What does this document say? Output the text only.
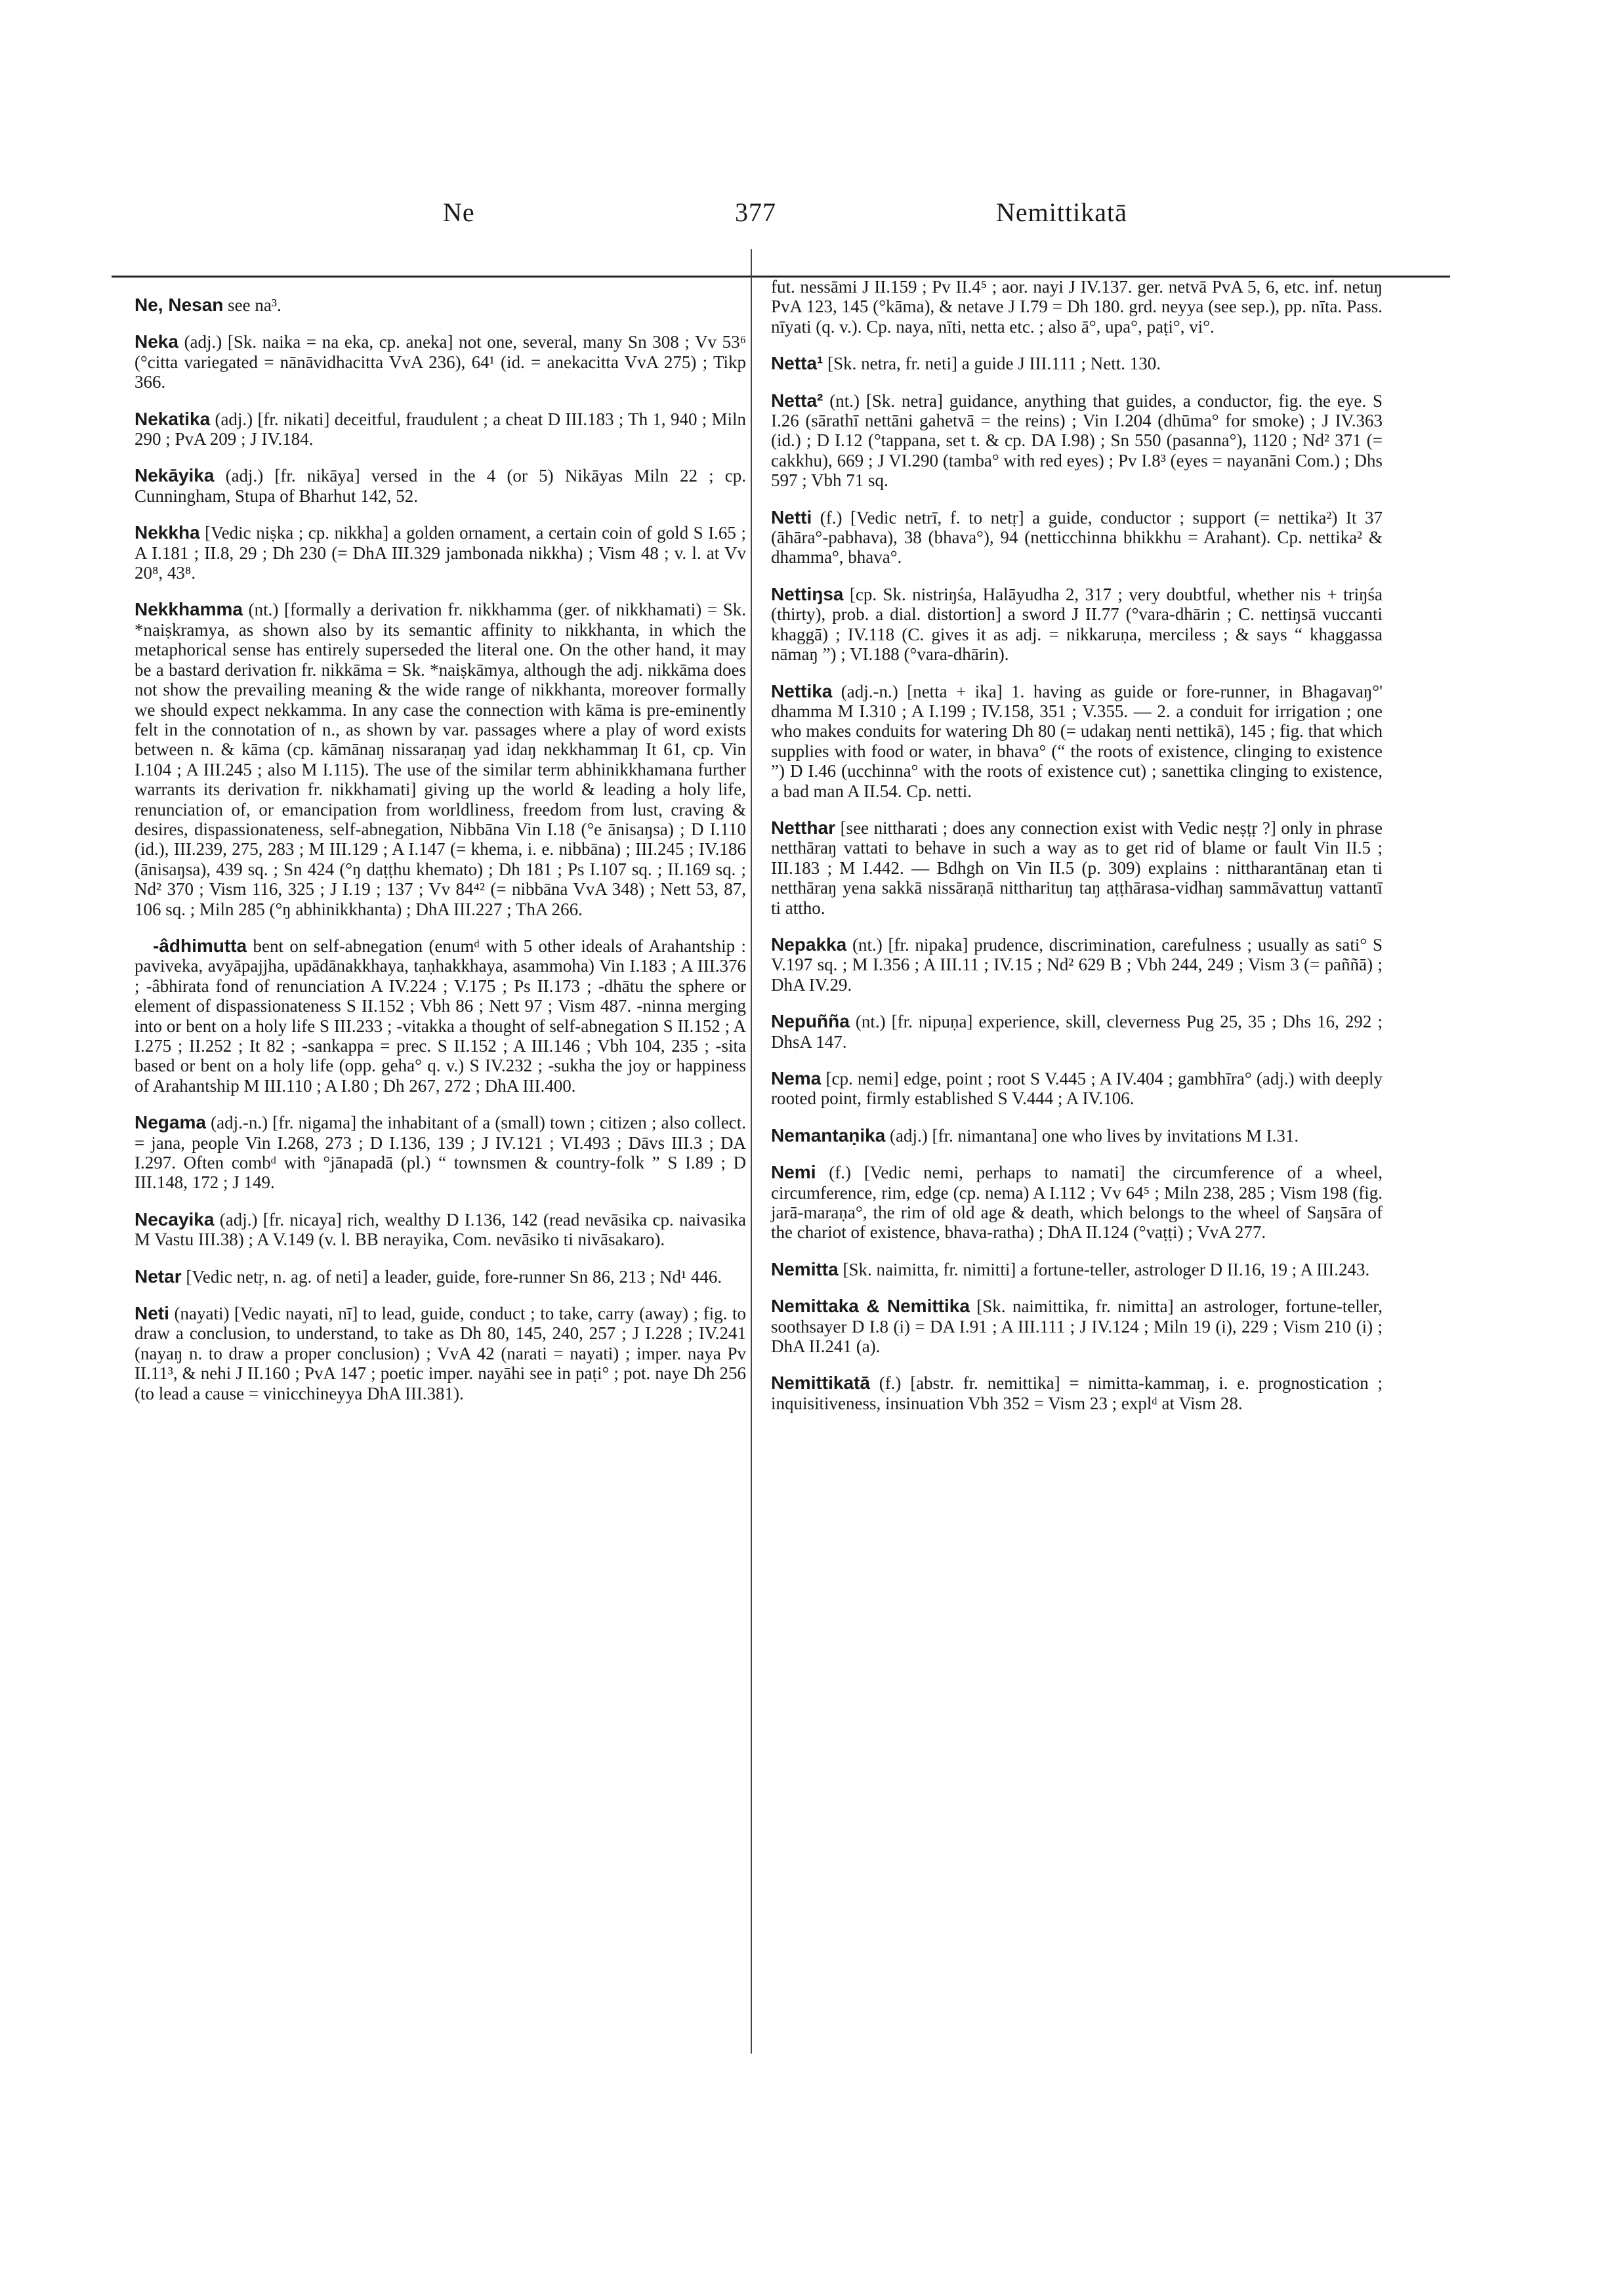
Ne	377	Nemittikatā

Ne, Nesan see na³.

Neka (adj.) [Sk. naika = na eka, cp. aneka] not one, several, many Sn 308 ; Vv 53⁶ (°citta variegated = nānāvidhacitta VvA 236), 64¹ (id. = anekacitta VvA 275) ; Tikp 366.

Nekatika (adj.) [fr. nikati] deceitful, fraudulent ; a cheat D III.183 ; Th 1, 940 ; Miln 290 ; PvA 209 ; J IV.184.

Nekāyika (adj.) [fr. nikāya] versed in the 4 (or 5) Nikāyas Miln 22 ; cp. Cunningham, Stupa of Bharhut 142, 52.

Nekkha [Vedic niṣka ; cp. nikkha] a golden ornament, a certain coin of gold S I.65 ; A I.181 ; II.8, 29 ; Dh 230 (= DhA III.329 jambonada nikkha) ; Vism 48 ; v. l. at Vv 20⁸, 43⁸.

Nekkhamma (nt.) [formally a derivation fr. nikkhamma (ger. of nikkhamati) = Sk. *naiṣkramya, as shown also by its semantic affinity to nikkhanta, in which the metaphorical sense has entirely superseded the literal one. On the other hand, it may be a bastard derivation fr. nikkāma = Sk. *naiṣkāmya, although the adj. nikkāma does not show the prevailing meaning & the wide range of nikkhanta, moreover formally we should expect nekkamma. In any case the connection with kāma is pre-eminently felt in the connotation of n., as shown by var. passages where a play of word exists between n. & kāma (cp. kāmānaŋ nissaraṇaŋ yad idaŋ nekkhammaŋ It 61, cp. Vin I.104 ; A III.245 ; also M I.115). The use of the similar term abhinikkhamana further warrants its derivation fr. nikkhamati] giving up the world & leading a holy life, renunciation of, or emancipation from worldliness, freedom from lust, craving & desires, dispassionateness, self-abnegation, Nibbāna Vin I.18 (°e ānisaŋsa) ; D I.110 (id.), III.239, 275, 283 ; M III.129 ; A I.147 (= khema, i. e. nibbāna) ; III.245 ; IV.186 (ānisaŋsa), 439 sq. ; Sn 424 (°ŋ daṭṭhu khemato) ; Dh 181 ; Ps I.107 sq. ; II.169 sq. ; Nd² 370 ; Vism 116, 325 ; J I.19 ; 137 ; Vv 84⁴² (= nibbāna VvA 348) ; Nett 53, 87, 106 sq. ; Miln 285 (°ŋ abhinikkhanta) ; DhA III.227 ; ThA 266.

-âdhimutta bent on self-abnegation (enumᵈ with 5 other ideals of Arahantship : paviveka, avyāpajjha, upādānakkhaya, taṇhakkhaya, asammoha) Vin I.183 ; A III.376 ; -âbhirata fond of renunciation A IV.224 ; V.175 ; Ps II.173 ; -dhātu the sphere or element of dispassionateness S II.152 ; Vbh 86 ; Nett 97 ; Vism 487. -ninna merging into or bent on a holy life S III.233 ; -vitakka a thought of self-abnegation S II.152 ; A I.275 ; II.252 ; It 82 ; -sankappa = prec. S II.152 ; A III.146 ; Vbh 104, 235 ; -sita based or bent on a holy life (opp. geha° q. v.) S IV.232 ; -sukha the joy or happiness of Arahantship M III.110 ; A I.80 ; Dh 267, 272 ; DhA III.400.

Negama (adj.-n.) [fr. nigama] the inhabitant of a (small) town ; citizen ; also collect. = jana, people Vin I.268, 273 ; D I.136, 139 ; J IV.121 ; VI.493 ; Dāvs III.3 ; DA I.297. Often combᵈ with °jānapadā (pl.) “ townsmen & country-folk ” S I.89 ; D III.148, 172 ; J 149.

Necayika (adj.) [fr. nicaya] rich, wealthy D I.136, 142 (read nevāsika cp. naivasika M Vastu III.38) ; A V.149 (v. l. BB nerayika, Com. nevāsiko ti nivāsakaro).

Netar [Vedic netṛ, n. ag. of neti] a leader, guide, fore-runner Sn 86, 213 ; Nd¹ 446.

Neti (nayati) [Vedic nayati, nī] to lead, guide, conduct ; to take, carry (away) ; fig. to draw a conclusion, to understand, to take as Dh 80, 145, 240, 257 ; J I.228 ; IV.241 (nayaŋ n. to draw a proper conclusion) ; VvA 42 (narati = nayati) ; imper. naya Pv II.11³, & nehi J II.160 ; PvA 147 ; poetic imper. nayāhi see in paṭi° ; pot. naye Dh 256 (to lead a cause = vinicchineyya DhA III.381).

fut. nessāmi J II.159 ; Pv II.4⁵ ; aor. nayi J IV.137. ger. netvā PvA 5, 6, etc. inf. netuŋ PvA 123, 145 (°kāma), & netave J I.79 = Dh 180. grd. neyya (see sep.), pp. nīta. Pass. nīyati (q. v.). Cp. naya, nīti, netta etc. ; also ā°, upa°, paṭi°, vi°.

Netta¹ [Sk. netra, fr. neti] a guide J III.111 ; Nett. 130.

Netta² (nt.) [Sk. netra] guidance, anything that guides, a conductor, fig. the eye. S I.26 (sārathī nettāni gahetvā = the reins) ; Vin I.204 (dhūma° for smoke) ; J IV.363 (id.) ; D I.12 (°tappana, set t. & cp. DA I.98) ; Sn 550 (pasanna°), 1120 ; Nd² 371 (= cakkhu), 669 ; J VI.290 (tamba° with red eyes) ; Pv I.8³ (eyes = nayanāni Com.) ; Dhs 597 ; Vbh 71 sq.

Netti (f.) [Vedic netrī, f. to netṛ] a guide, conductor ; support (= nettika²) It 37 (āhāra°-pabhava), 38 (bhava°), 94 (netticchinna bhikkhu = Arahant). Cp. nettika² & dhamma°, bhava°.

Nettiŋsa [cp. Sk. nistriŋśa, Halāyudha 2, 317 ; very doubtful, whether nis + triŋśa (thirty), prob. a dial. distortion] a sword J II.77 (°vara-dhārin ; C. nettiŋsā vuccanti khaggā) ; IV.118 (C. gives it as adj. = nikkaruṇa, merciless ; & says “ khaggassa nāmaŋ ”) ; VI.188 (°vara-dhārin).

Nettika (adj.-n.) [netta + ika] 1. having as guide or fore-runner, in Bhagavaŋ°' dhamma M I.310 ; A I.199 ; IV.158, 351 ; V.355. — 2. a conduit for irrigation ; one who makes conduits for watering Dh 80 (= udakaŋ nenti nettikā), 145 ; fig. that which supplies with food or water, in bhava° (“ the roots of existence, clinging to existence ”) D I.46 (ucchinna° with the roots of existence cut) ; sanettika clinging to existence, a bad man A II.54. Cp. netti.

Netthar [see nittharati ; does any connection exist with Vedic neṣṭṛ ?] only in phrase netthāraŋ vattati to behave in such a way as to get rid of blame or fault Vin II.5 ; III.183 ; M I.442. — Bdhgh on Vin II.5 (p. 309) explains : nittharantānaŋ etan ti netthāraŋ yena sakkā nissāraṇā nittharituŋ taŋ aṭṭhārasa-vidhaŋ sammāvattuŋ vattantī ti attho.

Nepakka (nt.) [fr. nipaka] prudence, discrimination, carefulness ; usually as sati° S V.197 sq. ; M I.356 ; A III.11 ; IV.15 ; Nd² 629 B ; Vbh 244, 249 ; Vism 3 (= paññā) ; DhA IV.29.

Nepuñña (nt.) [fr. nipuṇa] experience, skill, cleverness Pug 25, 35 ; Dhs 16, 292 ; DhsA 147.

Nema [cp. nemi] edge, point ; root S V.445 ; A IV.404 ; gambhīra° (adj.) with deeply rooted point, firmly established S V.444 ; A IV.106.

Nemantaṇika (adj.) [fr. nimantana] one who lives by invitations M I.31.

Nemi (f.) [Vedic nemi, perhaps to namati] the circumference of a wheel, circumference, rim, edge (cp. nema) A I.112 ; Vv 64⁵ ; Miln 238, 285 ; Vism 198 (fig. jarā-maraṇa°, the rim of old age & death, which belongs to the wheel of Saŋsāra of the chariot of existence, bhava-ratha) ; DhA II.124 (°vaṭṭi) ; VvA 277.

Nemitta [Sk. naimitta, fr. nimitti] a fortune-teller, astrologer D II.16, 19 ; A III.243.

Nemittaka & Nemittika [Sk. naimittika, fr. nimitta] an astrologer, fortune-teller, soothsayer D I.8 (i) = DA I.91 ; A III.111 ; J IV.124 ; Miln 19 (i), 229 ; Vism 210 (i) ; DhA II.241 (a).

Nemittikatā (f.) [abstr. fr. nemittika] = nimitta-kammaŋ, i. e. prognostication ; inquisitiveness, insinuation Vbh 352 = Vism 23 ; explᵈ at Vism 28.
